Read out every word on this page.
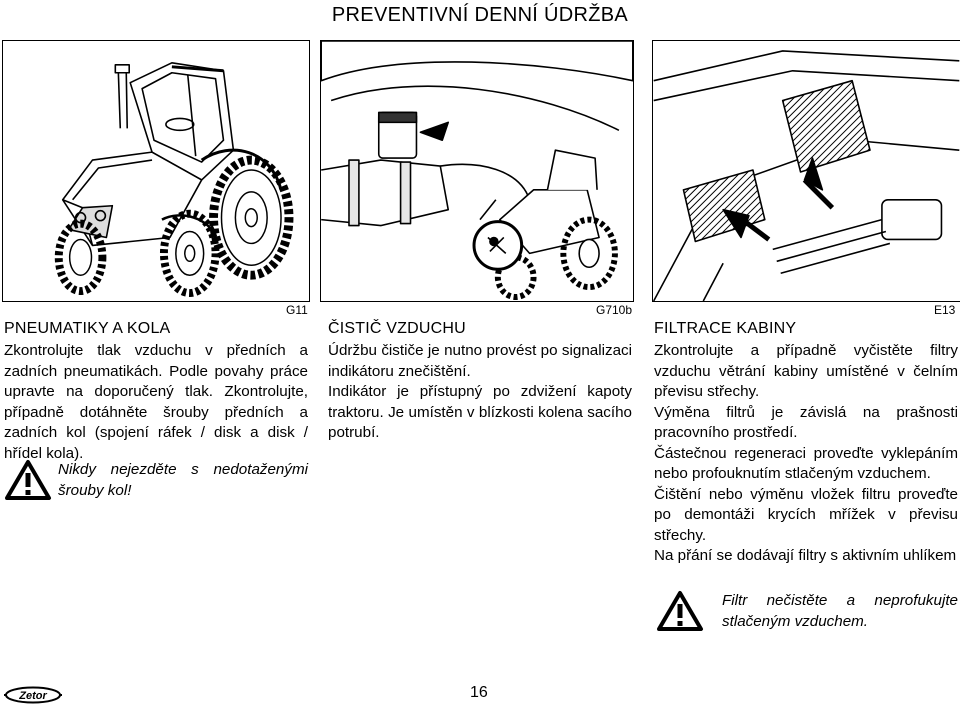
PREVENTIVNÍ DENNÍ ÚDRŽBA
G11	G710b	E13
PNEUMATIKY A KOLA

Zkontrolujte tlak vzduchu v předních a zadních pneumatikách. Podle povahy práce upravte na doporučený tlak. Zkontrolujte, případně dotáhněte šrouby předních a zadních kol (spojení ráfek / disk a disk / hřídel kola).

Nikdy nejezděte s nedotaženými šrouby kol!
ČISTIČ VZDUCHU

Údržbu čističe je nutno provést po signalizaci indikátoru znečištění.

Indikátor je přístupný po zdvižení kapoty traktoru. Je umístěn v blízkosti kolena sacího potrubí.

FILTRACE KABINY

Zkontrolujte a případně vyčistěte filtry vzduchu větrání kabiny umístěné v čelním převisu střechy.

Výměna filtrů je závislá na prašnosti pracovního prostředí.

Částečnou regeneraci proveďte vyklepáním nebo profouknutím stlačeným vzduchem.

Čištění nebo výměnu vložek filtru proveďte po demontáži krycích mřížek v převisu střechy.

Na přání se dodávají filtry s aktivním uhlíkem

Filtr nečistěte a neprofukujte stlačeným vzduchem.
Zetor	16
